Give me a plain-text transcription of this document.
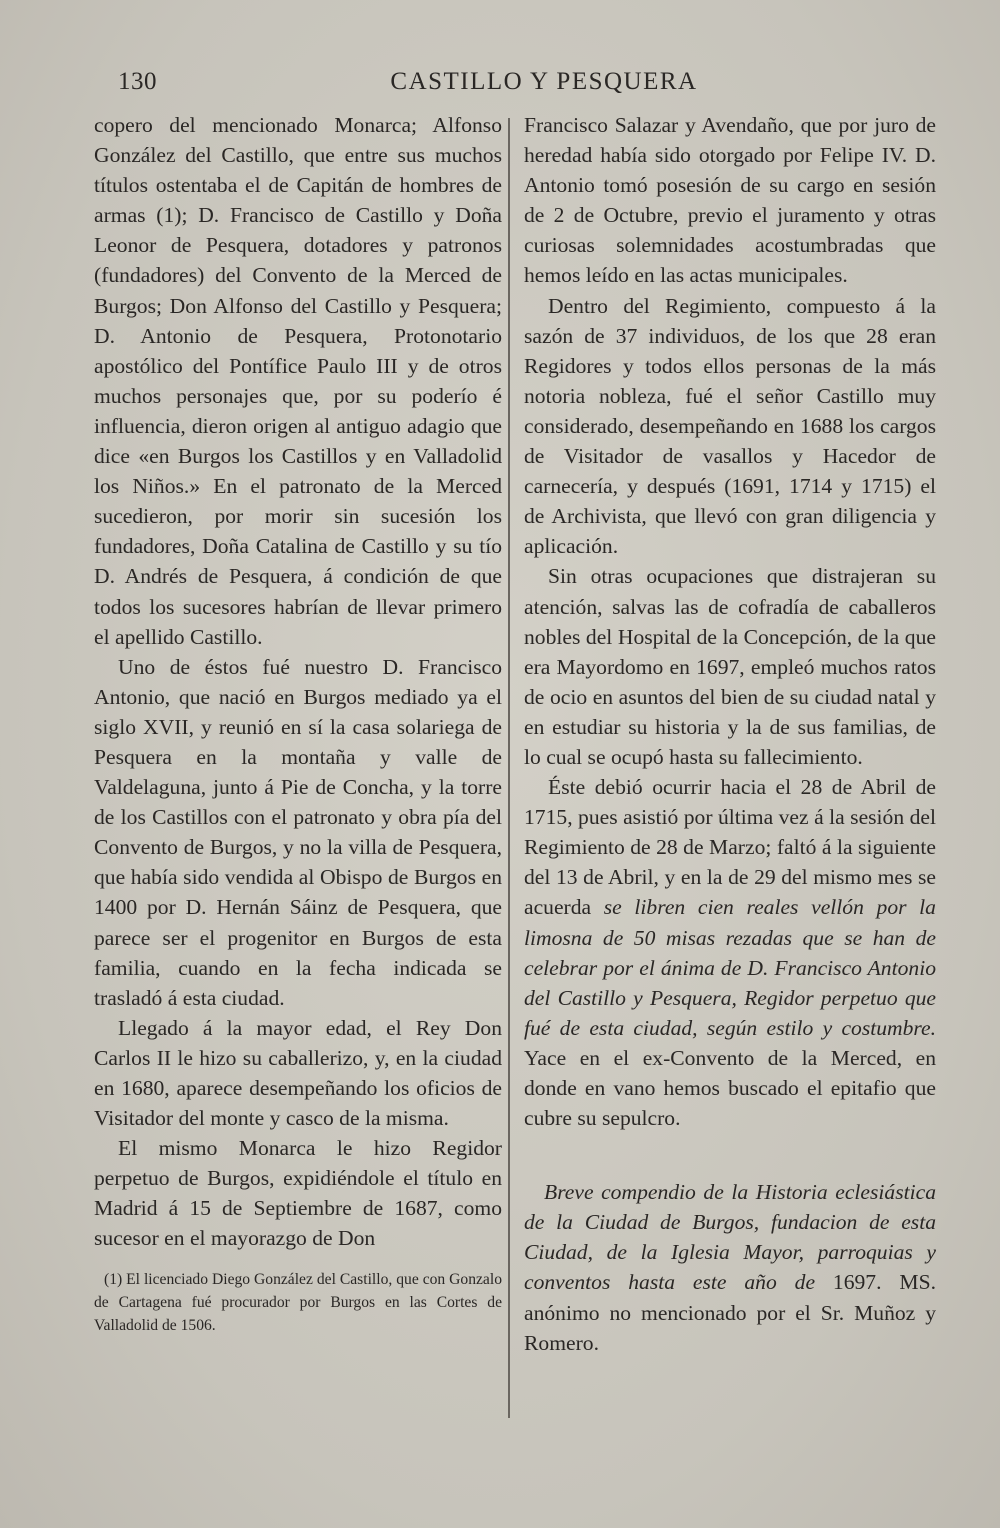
130	CASTILLO Y PESQUERA

copero del mencionado Monarca; Alfonso González del Castillo, que entre sus muchos títulos ostentaba el de Capitán de hombres de armas (1); D. Francisco de Castillo y Doña Leonor de Pesquera, dotadores y patronos (fundadores) del Convento de la Merced de Burgos; Don Alfonso del Castillo y Pesquera; D. Antonio de Pesquera, Protonotario apostólico del Pontífice Paulo III y de otros muchos personajes que, por su poderío é influencia, dieron origen al antiguo adagio que dice «en Burgos los Castillos y en Valladolid los Niños.» En el patronato de la Merced sucedieron, por morir sin sucesión los fundadores, Doña Catalina de Castillo y su tío D. Andrés de Pesquera, á condición de que todos los sucesores habrían de llevar primero el apellido Castillo.

Uno de éstos fué nuestro D. Francisco Antonio, que nació en Burgos mediado ya el siglo XVII, y reunió en sí la casa solariega de Pesquera en la montaña y valle de Valdelaguna, junto á Pie de Concha, y la torre de los Castillos con el patronato y obra pía del Convento de Burgos, y no la villa de Pesquera, que había sido vendida al Obispo de Burgos en 1400 por D. Hernán Sáinz de Pesquera, que parece ser el progenitor en Burgos de esta familia, cuando en la fecha indicada se trasladó á esta ciudad.

Llegado á la mayor edad, el Rey Don Carlos II le hizo su caballerizo, y, en la ciudad en 1680, aparece desempeñando los oficios de Visitador del monte y casco de la misma.

El mismo Monarca le hizo Regidor perpetuo de Burgos, expidiéndole el título en Madrid á 15 de Septiembre de 1687, como sucesor en el mayorazgo de Don

(1) El licenciado Diego González del Castillo, que con Gonzalo de Cartagena fué procurador por Burgos en las Cortes de Valladolid de 1506.

Francisco Salazar y Avendaño, que por juro de heredad había sido otorgado por Felipe IV. D. Antonio tomó posesión de su cargo en sesión de 2 de Octubre, previo el juramento y otras curiosas solemnidades acostumbradas que hemos leído en las actas municipales.

Dentro del Regimiento, compuesto á la sazón de 37 individuos, de los que 28 eran Regidores y todos ellos personas de la más notoria nobleza, fué el señor Castillo muy considerado, desempeñando en 1688 los cargos de Visitador de vasallos y Hacedor de carnecería, y después (1691, 1714 y 1715) el de Archivista, que llevó con gran diligencia y aplicación.

Sin otras ocupaciones que distrajeran su atención, salvas las de cofradía de caballeros nobles del Hospital de la Concepción, de la que era Mayordomo en 1697, empleó muchos ratos de ocio en asuntos del bien de su ciudad natal y en estudiar su historia y la de sus familias, de lo cual se ocupó hasta su fallecimiento.

Éste debió ocurrir hacia el 28 de Abril de 1715, pues asistió por última vez á la sesión del Regimiento de 28 de Marzo; faltó á la siguiente del 13 de Abril, y en la de 29 del mismo mes se acuerda se libren cien reales vellón por la limosna de 50 misas rezadas que se han de celebrar por el ánima de D. Francisco Antonio del Castillo y Pesquera, Regidor perpetuo que fué de esta ciudad, según estilo y costumbre. Yace en el ex-Convento de la Merced, en donde en vano hemos buscado el epitafio que cubre su sepulcro.

Breve compendio de la Historia eclesiástica de la Ciudad de Burgos, fundacion de esta Ciudad, de la Iglesia Mayor, parroquias y conventos hasta este año de 1697. MS. anónimo no mencionado por el Sr. Muñoz y Romero.
